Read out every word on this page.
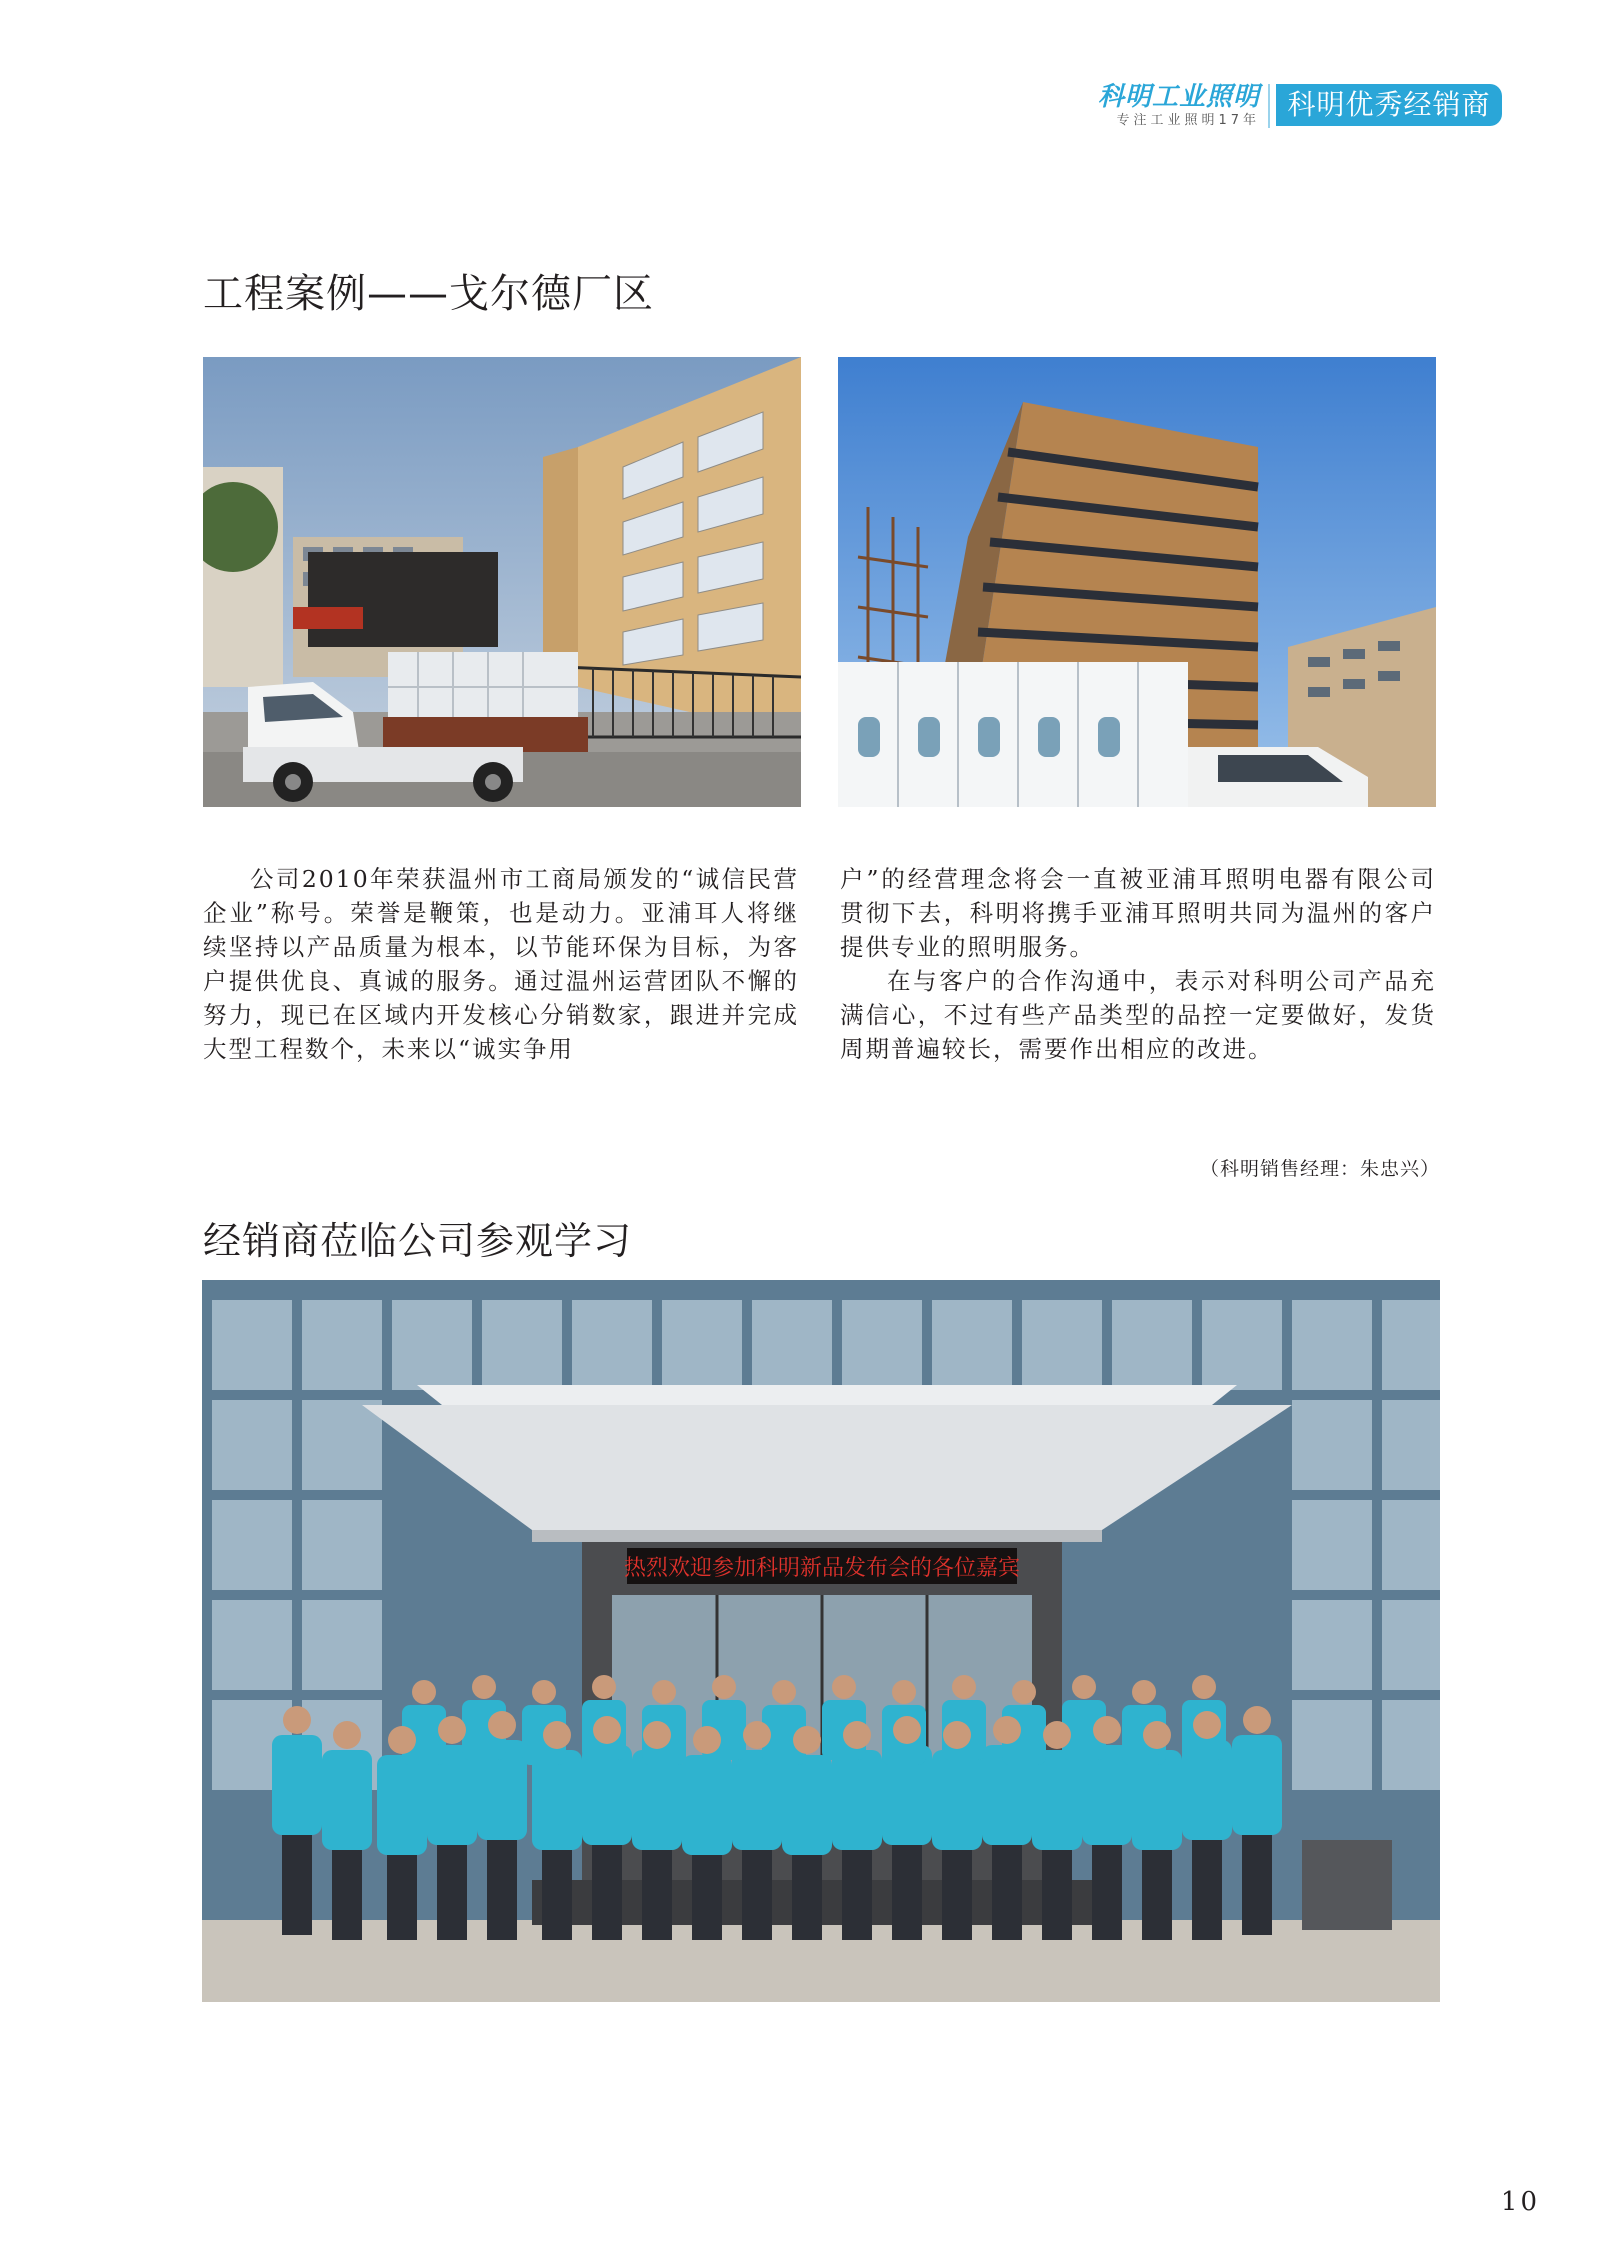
科明工业照明
专注工业照明17年 科明优秀经销商
工程案例——戈尔德厂区

公司2010年荣获温州市工商局颁发的“诚信民营企业”称号。荣誉是鞭策，也是动力。亚浦耳人将继续坚持以产品质量为根本，以节能环保为目标，为客户提供优良、真诚的服务。通过温州运营团队不懈的努力，现已在区域内开发核心分销数家，跟进并完成大型工程数个，未来以“诚实争用

户”的经营理念将会一直被亚浦耳照明电器有限公司贯彻下去，科明将携手亚浦耳照明共同为温州的客户提供专业的照明服务。

在与客户的合作沟通中，表示对科明公司产品充满信心，不过有些产品类型的品控一定要做好，发货周期普遍较长，需要作出相应的改进。

（科明销售经理：朱忠兴）
经销商莅临公司参观学习
热烈欢迎参加科明新品发布会的各位嘉宾
10
